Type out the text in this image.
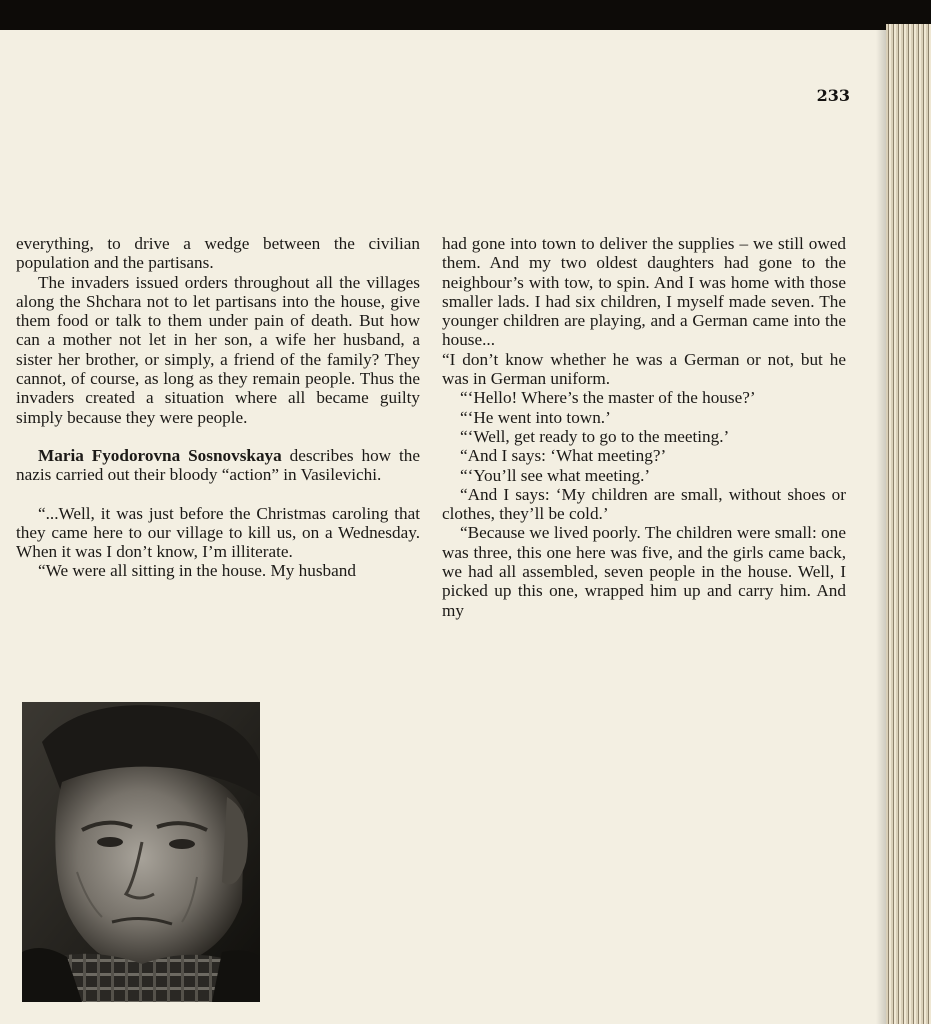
233

everything, to drive a wedge between the civilian population and the partisans.

The invaders issued orders throughout all the villages along the Shchara not to let partisans into the house, give them food or talk to them under pain of death. But how can a mother not let in her son, a wife her husband, a sister her brother, or simply, a friend of the family? They cannot, of course, as long as they remain people. Thus the invaders created a situation where all became guilty simply because they were people.

Maria Fyodorovna Sosnovskaya describes how the nazis carried out their bloody “action” in Vasilevichi.

“...Well, it was just before the Christmas caroling that they came here to our village to kill us, on a Wednesday. When it was I don’t know, I’m illiterate.

“We were all sitting in the house. My husband

had gone into town to deliver the supplies – we still owed them. And my two oldest daughters had gone to the neighbour’s with tow, to spin. And I was home with those smaller lads. I had six children, I myself made seven. The younger children are playing, and a German came into the house...

“I don’t know whether he was a German or not, but he was in German uniform.

“‘Hello! Where’s the master of the house?’

“‘He went into town.’

“‘Well, get ready to go to the meeting.’

“And I says: ‘What meeting?’

“‘You’ll see what meeting.’

“And I says: ‘My children are small, without shoes or clothes, they’ll be cold.’

“Because we lived poorly. The children were small: one was three, this one here was five, and the girls came back, we had all assembled, seven people in the house. Well, I picked up this one, wrapped him up and carry him. And my
